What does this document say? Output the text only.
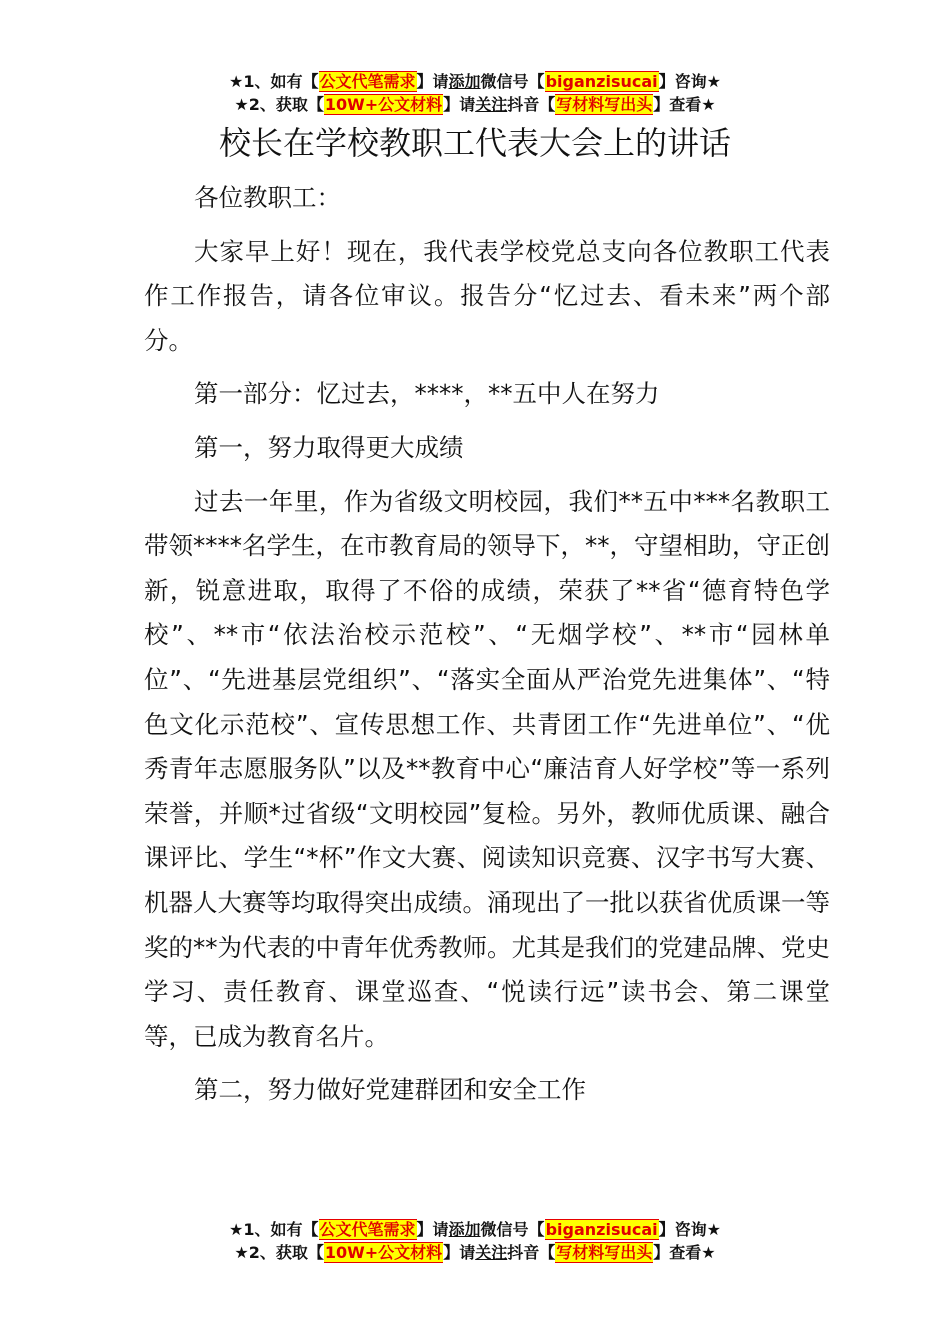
★1、如有【公文代笔需求】请添加微信号【biganzisucai】咨询★
★2、获取【10W+公文材料】请关注抖音【写材料写出头】查看★
校长在学校教职工代表大会上的讲话

各位教职工：

大家早上好！现在，我代表学校党总支向各位教职工代表作工作报告，请各位审议。报告分“忆过去、看未来”两个部分。

第一部分：忆过去，****，**五中人在努力

第一，努力取得更大成绩

过去一年里，作为省级文明校园，我们**五中***名教职工带领****名学生，在市教育局的领导下，**，守望相助，守正创新，锐意进取，取得了不俗的成绩，荣获了**省“德育特色学校”、**市“依法治校示范校”、“无烟学校”、**市“园林单位”、“先进基层党组织”、“落实全面从严治党先进集体”、“特色文化示范校”、宣传思想工作、共青团工作“先进单位”、“优秀青年志愿服务队”以及**教育中心“廉洁育人好学校”等一系列荣誉，并顺*过省级“文明校园”复检。另外，教师优质课、融合课评比、学生“*杯”作文大赛、阅读知识竞赛、汉字书写大赛、机器人大赛等均取得突出成绩。涌现出了一批以获省优质课一等奖的**为代表的中青年优秀教师。尤其是我们的党建品牌、党史学习、责任教育、课堂巡查、“悦读行远”读书会、第二课堂等，已成为教育名片。

第二，努力做好党建群团和安全工作

★1、如有【公文代笔需求】请添加微信号【biganzisucai】咨询★
★2、获取【10W+公文材料】请关注抖音【写材料写出头】查看★
